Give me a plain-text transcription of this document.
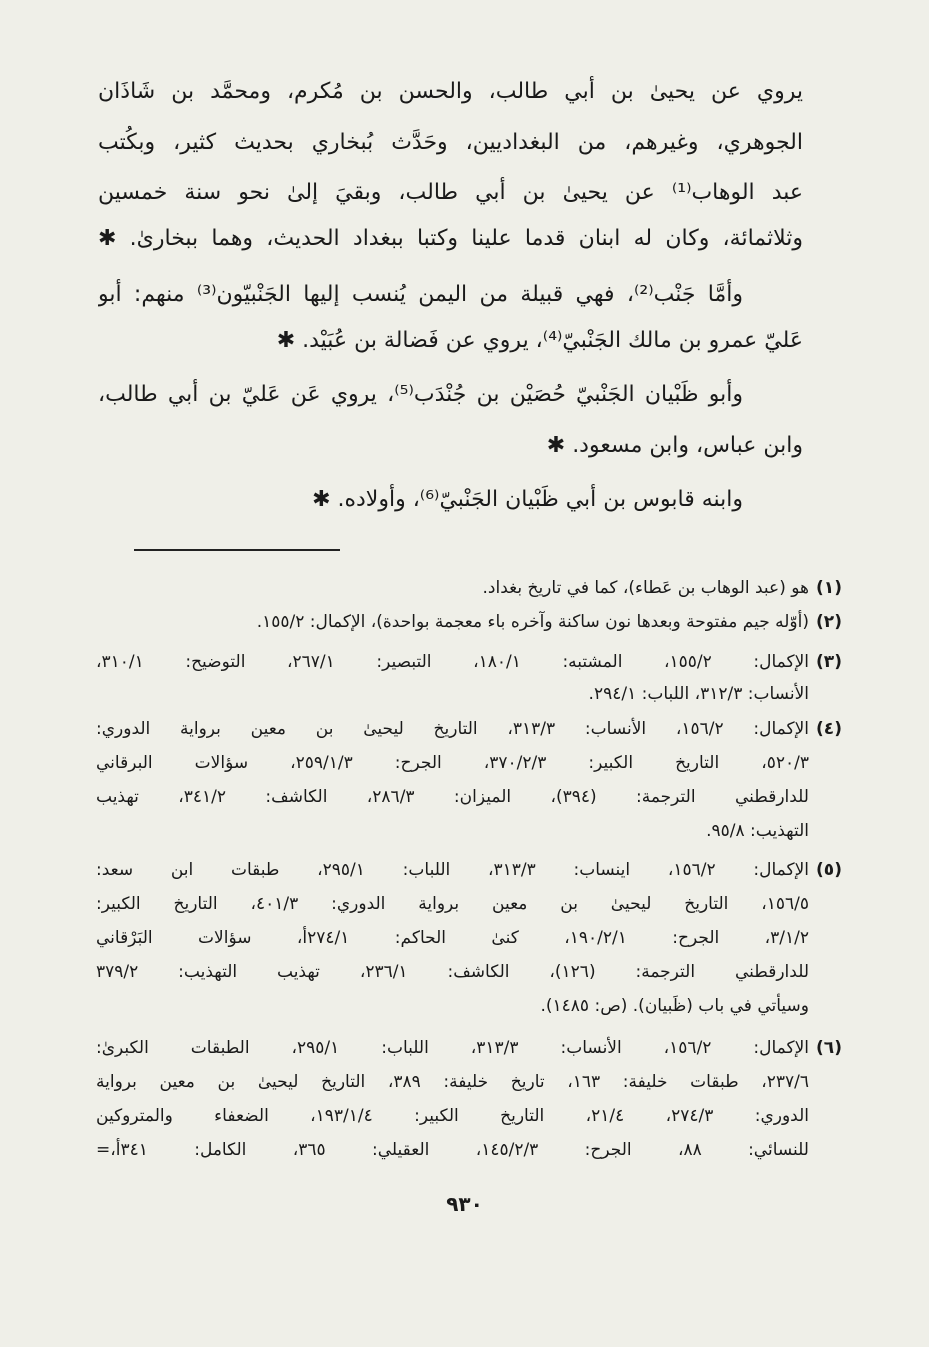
يروي عن يحيىٰ بن أبي طالب، والحسن بن مُكرم، ومحمَّد بن شَاذَان
الجوهري، وغيرهم، من البغداديين، وحَدَّث بُبخاري بحديث كثير، وبكُتب
عبد الوهاب⁽¹⁾ عن يحيىٰ بن أبي طالب، وبقيَ إلىٰ نحو سنة خمسين
وثلاثمائة، وكان له ابنان قدما علينا وكتبا ببغداد الحديث، وهما ببخارىٰ. ✱
وأمَّا جَنْب⁽²⁾، فهي قبيلة من اليمن يُنسب إليها الجَنْبيّون⁽³⁾ منهم: أبو
عَليّ عمرو بن مالك الجَنْبيّ⁽⁴⁾، يروي عن فَضالة بن عُبَيْد. ✱
وأبو ظَبْيان الجَنْبيّ حُصَيْن بن جُنْدَب⁽⁵⁾، يروي عَن عَليّ بن أبي طالب،
وابن عباس، وابن مسعود. ✱
وابنه قابوس بن أبي ظَبْيان الجَنْبيّ⁽⁶⁾، وأولاده. ✱
(١)
هو (عبد الوهاب بن عَطاء)، كما في تاريخ بغداد.
(٢)
(أوّله جيم مفتوحة وبعدها نون ساكنة وآخره باء معجمة بواحدة)، الإكمال: ١٥٥/٢.
(٣)
الإكمال: ١٥٥/٢، المشتبه: ١٨٠/١، التبصير: ٢٦٧/١، التوضيح: ٣١٠/١،
الأنساب: ٣١٢/٣، اللباب: ٢٩٤/١.
(٤)
الإكمال: ١٥٦/٢، الأنساب: ٣١٣/٣، التاريخ ليحيىٰ بن معين برواية الدوري:
٥٢٠/٣، التاريخ الكبير: ٣٧٠/٢/٣، الجرح: ٢٥٩/١/٣، سؤالات البرقاني
للدارقطني الترجمة: (٣٩٤)، الميزان: ٢٨٦/٣، الكاشف: ٣٤١/٢، تهذيب
التهذيب: ٩٥/٨.
(٥)
الإكمال: ١٥٦/٢، اينساب: ٣١٣/٣، اللباب: ٢٩٥/١، طبقات ابن سعد:
١٥٦/٥، التاريخ ليحيىٰ بن معين برواية الدوري: ٤٠١/٣، التاريخ الكبير:
٣/١/٢، الجرح: ١٩٠/٢/١، كنىٰ الحاكم: ٢٧٤/١أ، سؤالات البَرْقاني
للدارقطني الترجمة: (١٢٦)، الكاشف: ٢٣٦/١، تهذيب التهذيب: ٣٧٩/٢
وسيأتي في باب (ظَبيان). (ص: ١٤٨٥).
(٦)
الإكمال: ١٥٦/٢، الأنساب: ٣١٣/٣، اللباب: ٢٩٥/١، الطبقات الكبرىٰ:
٢٣٧/٦، طبقات خليفة: ١٦٣، تاريخ خليفة: ٣٨٩، التاريخ ليحيىٰ بن معين برواية
الدوري: ٢٧٤/٣، ٢١/٤، التاريخ الكبير: ١٩٣/١/٤، الضعفاء والمتروكين
للنسائي: ٨٨، الجرح: ١٤٥/٢/٣، العقيلي: ٣٦٥، الكامل: ٣٤١أ،=
٩٣٠
